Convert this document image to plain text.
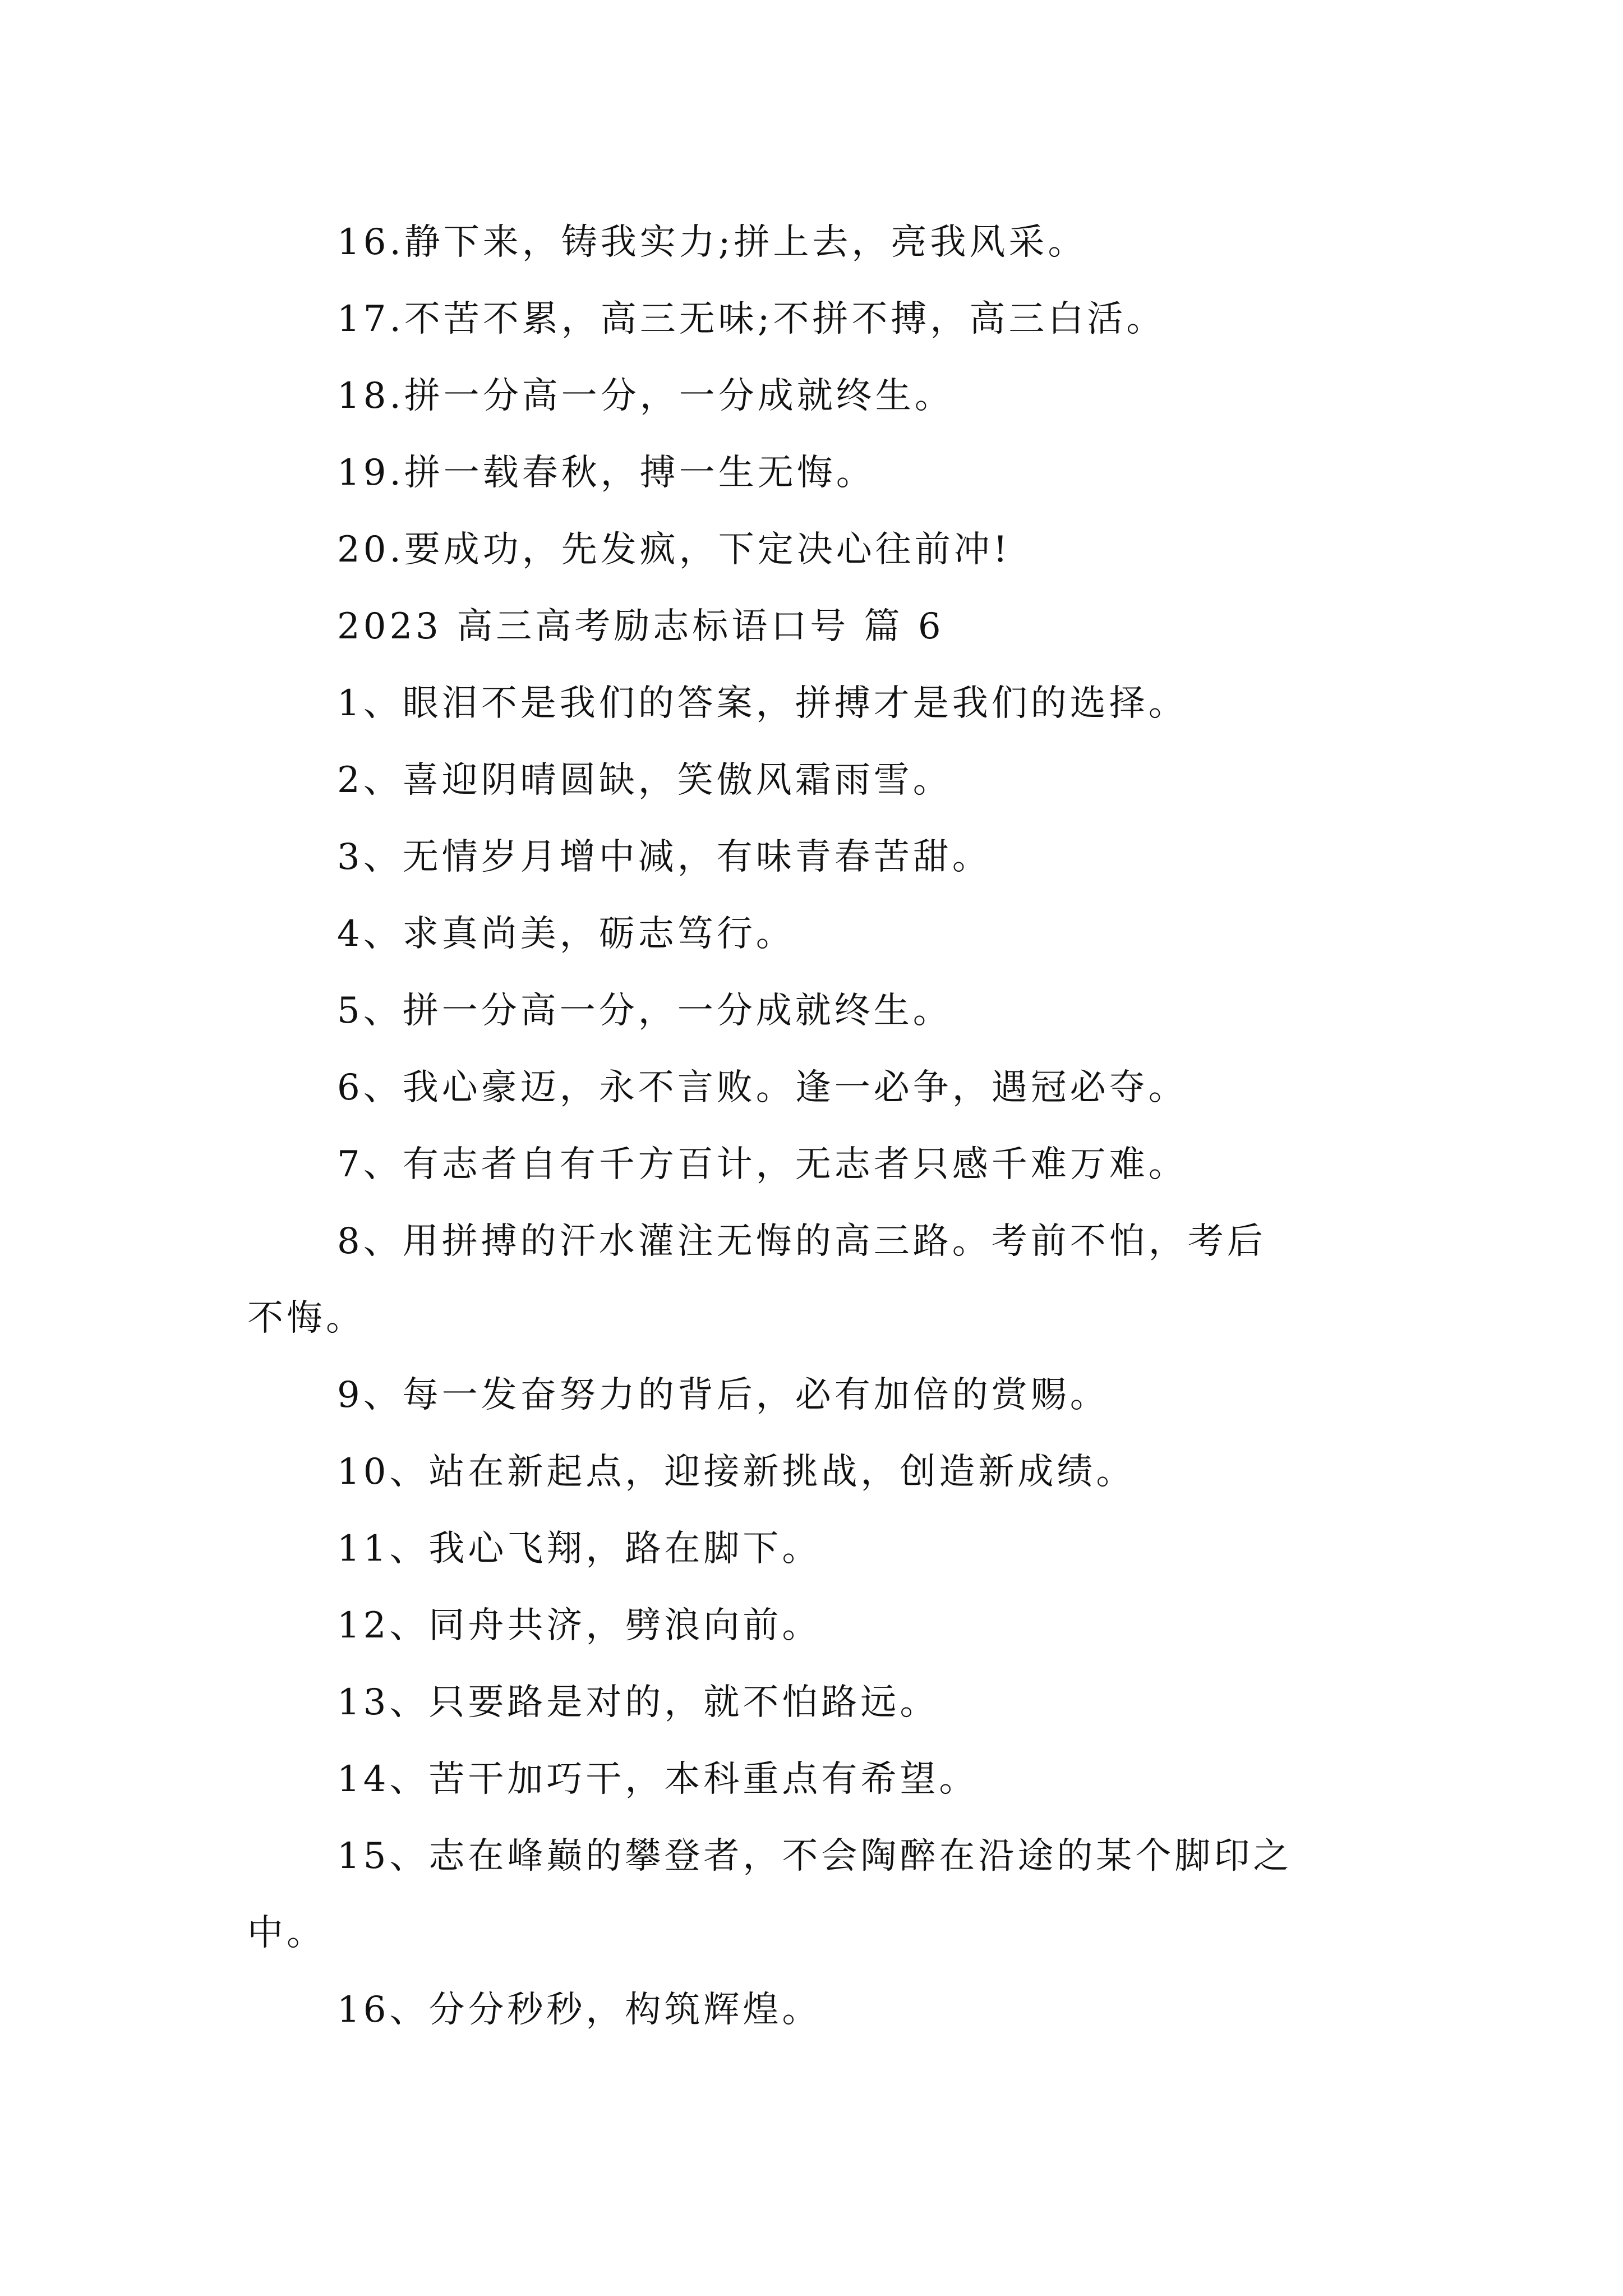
16.静下来，铸我实力;拼上去，亮我风采。
17.不苦不累，高三无味;不拼不搏，高三白活。
18.拼一分高一分，一分成就终生。
19.拼一载春秋，搏一生无悔。
20.要成功，先发疯，下定决心往前冲!
2023 高三高考励志标语口号 篇 6
1、眼泪不是我们的答案，拼搏才是我们的选择。
2、喜迎阴晴圆缺，笑傲风霜雨雪。
3、无情岁月增中减，有味青春苦甜。
4、求真尚美，砺志笃行。
5、拼一分高一分，一分成就终生。
6、我心豪迈，永不言败。逢一必争，遇冠必夺。
7、有志者自有千方百计，无志者只感千难万难。
8、用拼搏的汗水灌注无悔的高三路。考前不怕，考后
不悔。
9、每一发奋努力的背后，必有加倍的赏赐。
10、站在新起点，迎接新挑战，创造新成绩。
11、我心飞翔，路在脚下。
12、同舟共济，劈浪向前。
13、只要路是对的，就不怕路远。
14、苦干加巧干，本科重点有希望。
15、志在峰巅的攀登者，不会陶醉在沿途的某个脚印之
中。
16、分分秒秒，构筑辉煌。
